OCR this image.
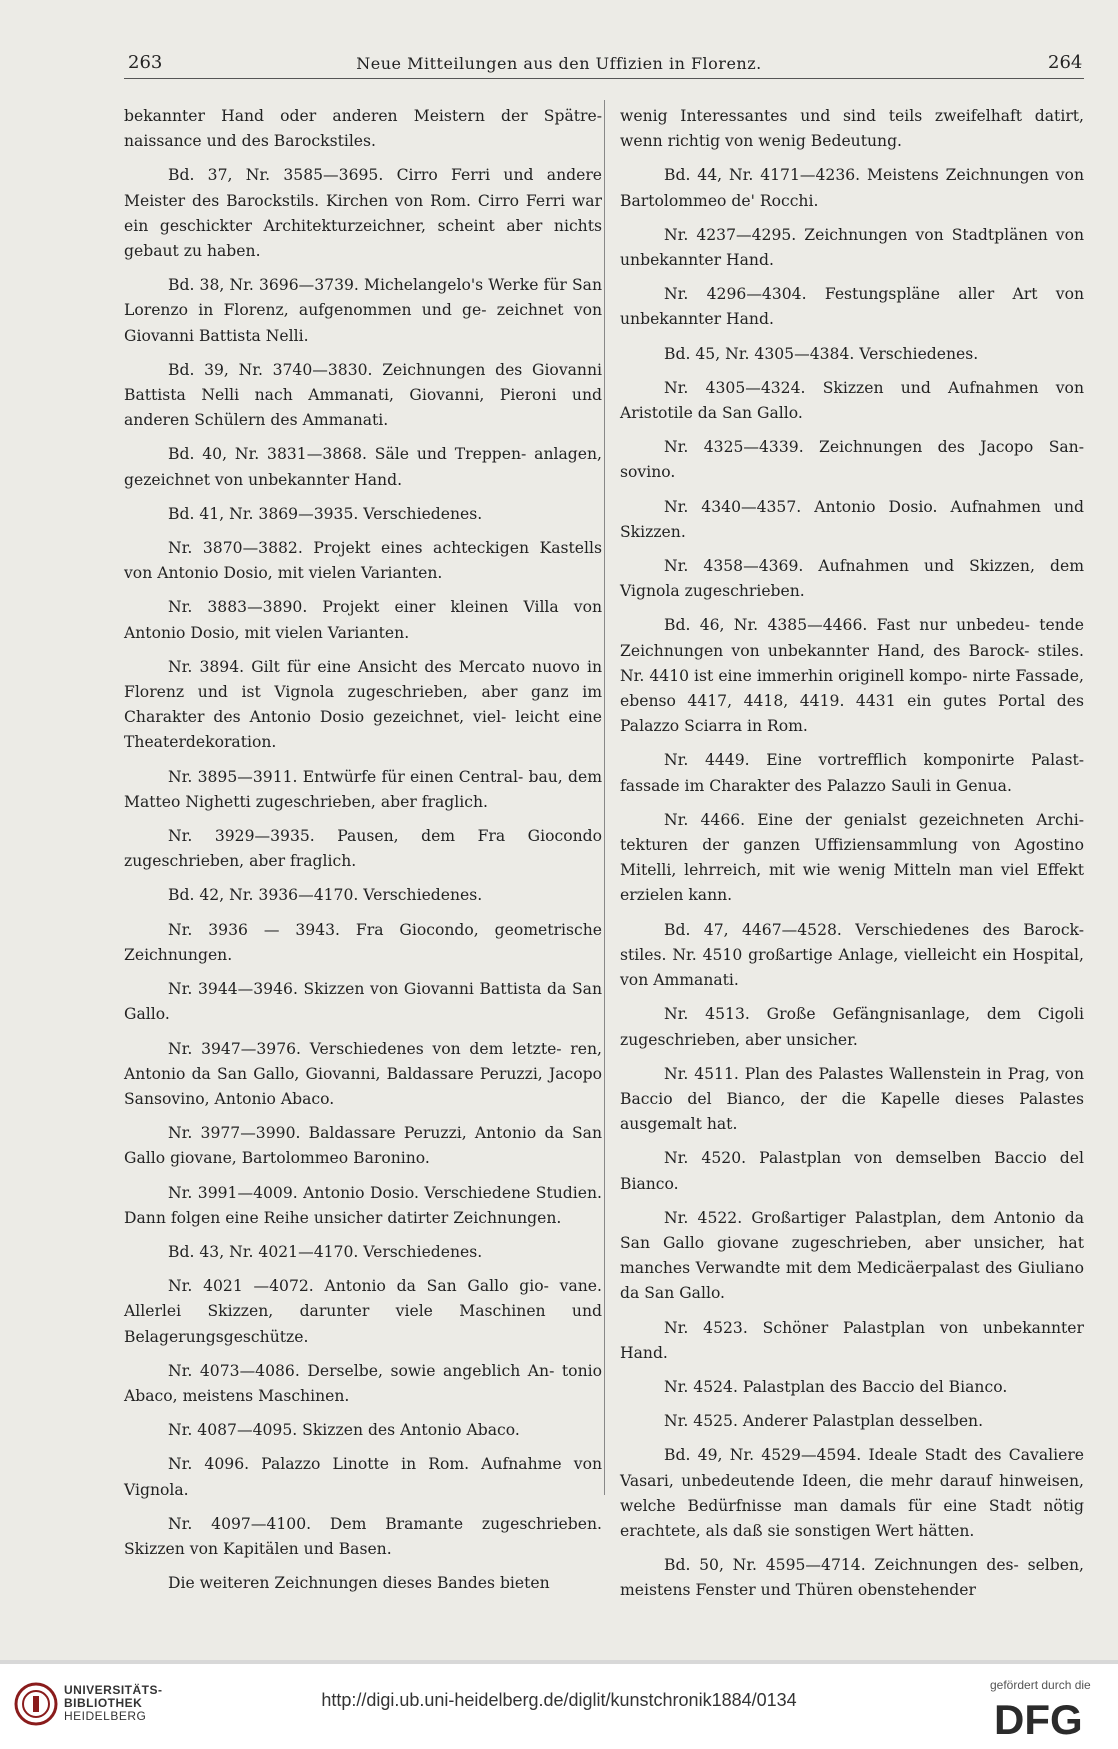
263	Neue Mitteilungen aus den Uffizien in Florenz.	264

bekannter Hand oder anderen Meistern der Spätre- naissance und des Barockstiles.

Bd. 37, Nr. 3585—3695. Cirro Ferri und andere Meister des Barockstils. Kirchen von Rom. Cirro Ferri war ein geschickter Architekturzeichner, scheint aber nichts gebaut zu haben.

Bd. 38, Nr. 3696—3739. Michelangelo's Werke für San Lorenzo in Florenz, aufgenommen und ge- zeichnet von Giovanni Battista Nelli.

Bd. 39, Nr. 3740—3830. Zeichnungen des Giovanni Battista Nelli nach Ammanati, Giovanni, Pieroni und anderen Schülern des Ammanati.

Bd. 40, Nr. 3831—3868. Säle und Treppen- anlagen, gezeichnet von unbekannter Hand.

Bd. 41, Nr. 3869—3935. Verschiedenes.

Nr. 3870—3882. Projekt eines achteckigen Kastells von Antonio Dosio, mit vielen Varianten.

Nr. 3883—3890. Projekt einer kleinen Villa von Antonio Dosio, mit vielen Varianten.

Nr. 3894. Gilt für eine Ansicht des Mercato nuovo in Florenz und ist Vignola zugeschrieben, aber ganz im Charakter des Antonio Dosio gezeichnet, viel- leicht eine Theaterdekoration.

Nr. 3895—3911. Entwürfe für einen Central- bau, dem Matteo Nighetti zugeschrieben, aber fraglich.

Nr. 3929—3935. Pausen, dem Fra Giocondo zugeschrieben, aber fraglich.

Bd. 42, Nr. 3936—4170. Verschiedenes.

Nr. 3936 — 3943. Fra Giocondo, geometrische Zeichnungen.

Nr. 3944—3946. Skizzen von Giovanni Battista da San Gallo.

Nr. 3947—3976. Verschiedenes von dem letzte- ren, Antonio da San Gallo, Giovanni, Baldassare Peruzzi, Jacopo Sansovino, Antonio Abaco.

Nr. 3977—3990. Baldassare Peruzzi, Antonio da San Gallo giovane, Bartolommeo Baronino.

Nr. 3991—4009. Antonio Dosio. Verschiedene Studien. Dann folgen eine Reihe unsicher datirter Zeichnungen.

Bd. 43, Nr. 4021—4170. Verschiedenes.

Nr. 4021 —4072. Antonio da San Gallo gio- vane. Allerlei Skizzen, darunter viele Maschinen und Belagerungsgeschütze.

Nr. 4073—4086. Derselbe, sowie angeblich An- tonio Abaco, meistens Maschinen.

Nr. 4087—4095. Skizzen des Antonio Abaco.

Nr. 4096. Palazzo Linotte in Rom. Aufnahme von Vignola.

Nr. 4097—4100. Dem Bramante zugeschrieben. Skizzen von Kapitälen und Basen.

Die weiteren Zeichnungen dieses Bandes bieten

wenig Interessantes und sind teils zweifelhaft datirt, wenn richtig von wenig Bedeutung.

Bd. 44, Nr. 4171—4236. Meistens Zeichnungen von Bartolommeo de' Rocchi.

Nr. 4237—4295. Zeichnungen von Stadtplänen von unbekannter Hand.

Nr. 4296—4304. Festungspläne aller Art von unbekannter Hand.

Bd. 45, Nr. 4305—4384. Verschiedenes.

Nr. 4305—4324. Skizzen und Aufnahmen von Aristotile da San Gallo.

Nr. 4325—4339. Zeichnungen des Jacopo San- sovino.

Nr. 4340—4357. Antonio Dosio. Aufnahmen und Skizzen.

Nr. 4358—4369. Aufnahmen und Skizzen, dem Vignola zugeschrieben.

Bd. 46, Nr. 4385—4466. Fast nur unbedeu- tende Zeichnungen von unbekannter Hand, des Barock- stiles. Nr. 4410 ist eine immerhin originell kompo- nirte Fassade, ebenso 4417, 4418, 4419. 4431 ein gutes Portal des Palazzo Sciarra in Rom.

Nr. 4449. Eine vortrefflich komponirte Palast- fassade im Charakter des Palazzo Sauli in Genua.

Nr. 4466. Eine der genialst gezeichneten Archi- tekturen der ganzen Uffiziensammlung von Agostino Mitelli, lehrreich, mit wie wenig Mitteln man viel Effekt erzielen kann.

Bd. 47, 4467—4528. Verschiedenes des Barock- stiles. Nr. 4510 großartige Anlage, vielleicht ein Hospital, von Ammanati.

Nr. 4513. Große Gefängnisanlage, dem Cigoli zugeschrieben, aber unsicher.

Nr. 4511. Plan des Palastes Wallenstein in Prag, von Baccio del Bianco, der die Kapelle dieses Palastes ausgemalt hat.

Nr. 4520. Palastplan von demselben Baccio del Bianco.

Nr. 4522. Großartiger Palastplan, dem Antonio da San Gallo giovane zugeschrieben, aber unsicher, hat manches Verwandte mit dem Medicäerpalast des Giuliano da San Gallo.

Nr. 4523. Schöner Palastplan von unbekannter Hand.

Nr. 4524. Palastplan des Baccio del Bianco.

Nr. 4525. Anderer Palastplan desselben.

Bd. 49, Nr. 4529—4594. Ideale Stadt des Cavaliere Vasari, unbedeutende Ideen, die mehr darauf hinweisen, welche Bedürfnisse man damals für eine Stadt nötig erachtete, als daß sie sonstigen Wert hätten.

Bd. 50, Nr. 4595—4714. Zeichnungen des- selben, meistens Fenster und Thüren obenstehender

UNIVERSITÄTS-
BIBLIOTHEK
HEIDELBERG
http://digi.ub.uni-heidelberg.de/diglit/kunstchronik1884/0134
gefördert durch die
DFG
